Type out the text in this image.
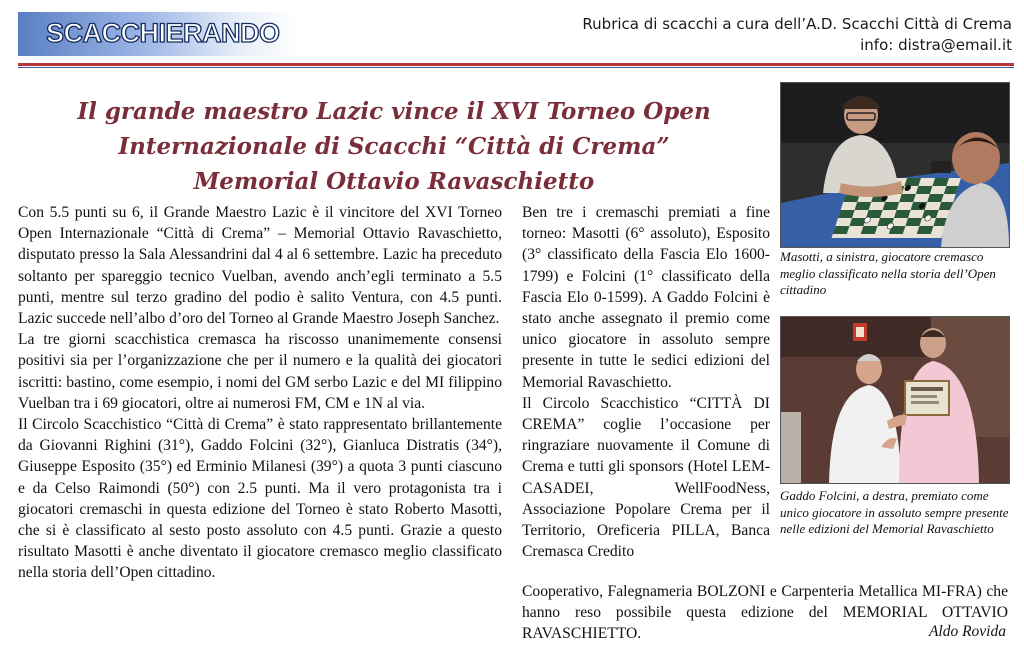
SCACCHIERANDO	Rubrica di scacchi a cura dell’A.D. Scacchi Città di Crema
info: distra@email.it
Il grande maestro Lazic vince il XVI Torneo Open
Internazionale di Scacchi “Città di Crema”
Memorial Ottavio Ravaschietto

Con 5.5 punti su 6, il Grande Maestro Lazic è il vincitore del XVI Torneo Open Internazionale “Città di Crema” – Memorial Ottavio Ravaschietto, disputato presso la Sala Alessandrini dal 4 al 6 settembre. Lazic ha preceduto soltanto per spareggio tecnico Vuelban, avendo anch’egli terminato a 5.5 punti, mentre sul terzo gradino del podio è salito Ventura, con 4.5 punti. Lazic succede nell’albo d’oro del Torneo al Grande Maestro Joseph Sanchez.

La tre giorni scacchistica cremasca ha riscosso unanimemente consensi positivi sia per l’organizzazione che per il numero e la qualità dei giocatori iscritti: bastino, come esempio, i nomi del GM serbo Lazic e del MI filippino Vuelban tra i 69 giocatori, oltre ai numerosi FM, CM e 1N al via.

Il Circolo Scacchistico “Città di Crema” è stato rappresentato brillantemente da Giovanni Righini (31°), Gaddo Folcini (32°), Gianluca Distratis (34°), Giuseppe Esposito (35°) ed Erminio Milanesi (39°) a quota 3 punti ciascuno e da Celso Raimondi (50°) con 2.5 punti. Ma il vero protagonista tra i giocatori cremaschi in questa edizione del Torneo è stato Roberto Masotti, che si è classificato al sesto posto assoluto con 4.5 punti. Grazie a questo risultato Masotti è anche diventato il giocatore cremasco meglio classificato nella storia dell’Open cittadino.

Ben tre i cremaschi premiati a fine torneo: Masotti (6° assoluto), Esposito (3° classificato della Fascia Elo 1600-1799) e Folcini (1° classificato della Fascia Elo 0-1599). A Gaddo Folcini è stato anche assegnato il premio come unico giocatore in assoluto sempre presente in tutte le sedici edizioni del Memorial Ravaschietto.

Il Circolo Scacchistico “CITTÀ DI CREMA” coglie l’occasione per ringraziare nuovamente il Comune di Crema e tutti gli sponsors (Hotel LEM-CASADEI, WellFoodNess, Associazione Popolare Crema per il Territorio, Oreficeria PILLA, Banca Cremasca Credito

Cooperativo, Falegnameria BOLZONI e Carpenteria Metallica MI-FRA) che hanno reso possibile questa edizione del MEMORIAL OTTAVIO RAVASCHIETTO.	Aldo Rovida
Masotti, a sinistra, giocatore cremasco meglio classificato nella storia dell’Open cittadino
Gaddo Folcini, a destra, premiato come unico giocatore in assoluto sempre presente nelle edizioni del Memorial Ravaschietto
